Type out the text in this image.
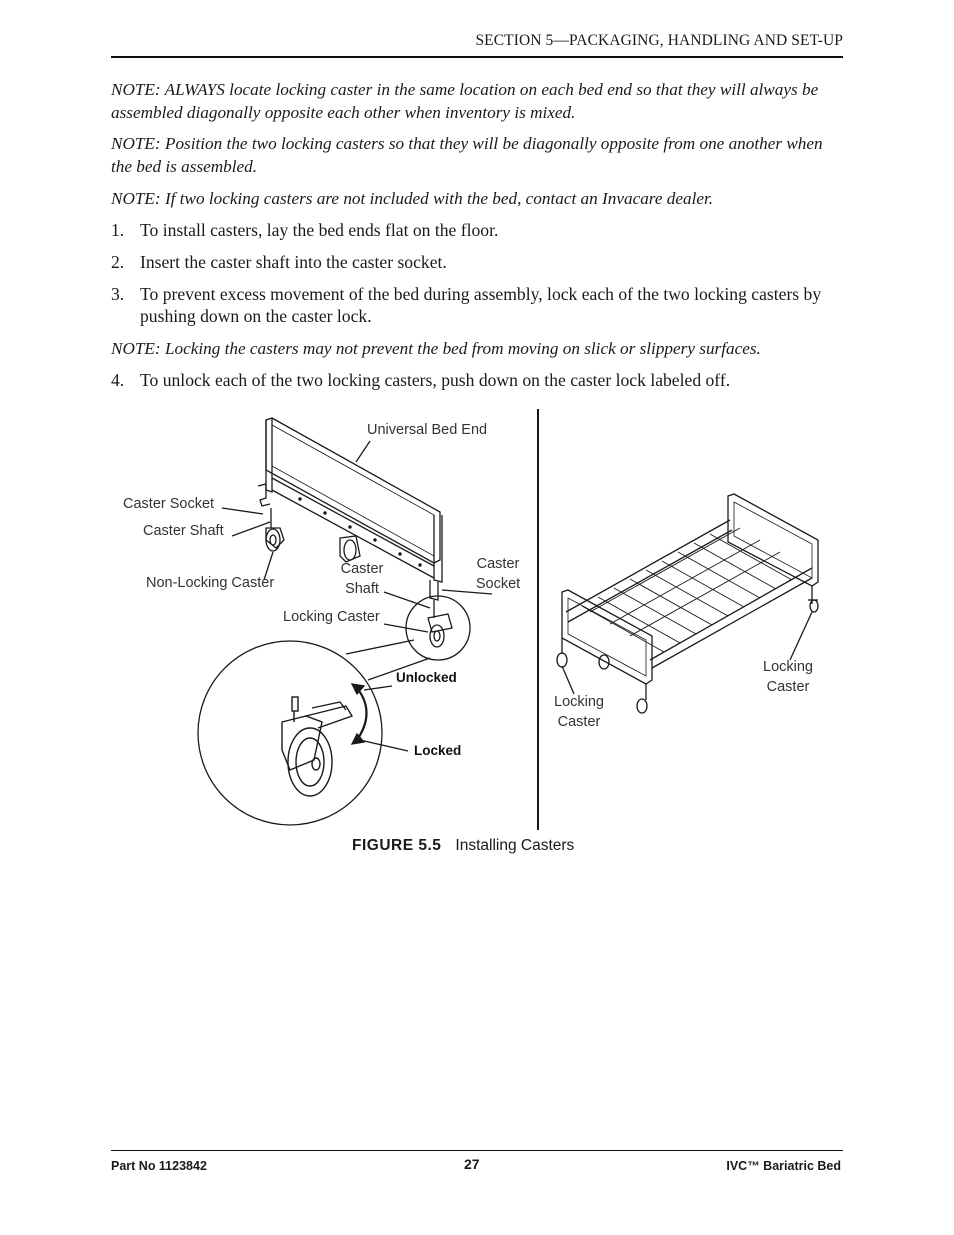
SECTION 5—PACKAGING, HANDLING AND SET-UP
NOTE: ALWAYS locate locking caster in the same location on each bed end so that they will always be assembled diagonally opposite each other when inventory is mixed.
NOTE: Position the two locking casters so that they will be diagonally opposite from one another when the bed is assembled.
NOTE: If two locking casters are not included with the bed, contact an Invacare dealer.
1. To install casters, lay the bed ends flat on the floor.
2. Insert the caster shaft into the caster socket.
3. To prevent excess movement of the bed during assembly, lock each of the two locking casters by pushing down on the caster lock.
NOTE: Locking the casters may not prevent the bed from moving on slick or slippery surfaces.
4. To unlock each of the two locking casters, push down on the caster lock labeled off.
Universal Bed End
Caster Socket
Caster Shaft
Non-Locking Caster
Caster
Shaft
Caster
Socket
Locking Caster
Unlocked
Locked
Locking
Caster
Locking
Caster
FIGURE 5.5 Installing Casters
Part No 1123842	27	IVC™ Bariatric Bed
